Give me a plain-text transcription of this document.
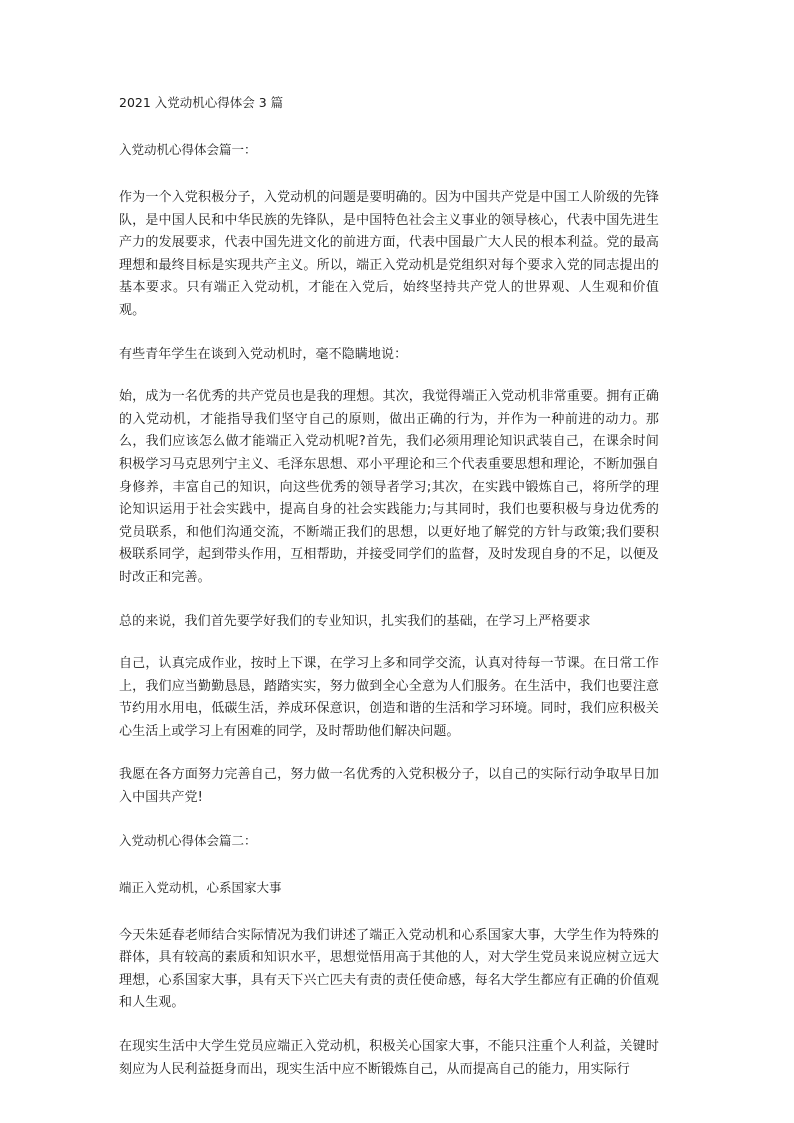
2021 入党动机心得体会 3 篇
入党动机心得体会篇一：

作为一个入党积极分子，入党动机的问题是要明确的。因为中国共产党是中国工人阶级的先锋队，是中国人民和中华民族的先锋队，是中国特色社会主义事业的领导核心，代表中国先进生产力的发展要求，代表中国先进文化的前进方面，代表中国最广大人民的根本利益。党的最高理想和最终目标是实现共产主义。所以，端正入党动机是党组织对每个要求入党的同志提出的基本要求。只有端正入党动机，才能在入党后，始终坚持共产党人的世界观、人生观和价值观。

有些青年学生在谈到入党动机时，毫不隐瞒地说：

始，成为一名优秀的共产党员也是我的理想。其次，我觉得端正入党动机非常重要。拥有正确的入党动机，才能指导我们坚守自己的原则，做出正确的行为，并作为一种前进的动力。那么，我们应该怎么做才能端正入党动机呢?首先，我们必须用理论知识武装自己，在课余时间积极学习马克思列宁主义、毛泽东思想、邓小平理论和三个代表重要思想和理论，不断加强自身修养，丰富自己的知识，向这些优秀的领导者学习;其次，在实践中锻炼自己，将所学的理论知识运用于社会实践中，提高自身的社会实践能力;与其同时，我们也要积极与身边优秀的党员联系，和他们沟通交流，不断端正我们的思想，以更好地了解党的方针与政策;我们要积极联系同学，起到带头作用，互相帮助，并接受同学们的监督，及时发现自身的不足，以便及时改正和完善。

总的来说，我们首先要学好我们的专业知识，扎实我们的基础，在学习上严格要求

自己，认真完成作业，按时上下课，在学习上多和同学交流，认真对待每一节课。在日常工作上，我们应当勤勤恳恳，踏踏实实，努力做到全心全意为人们服务。在生活中，我们也要注意节约用水用电，低碳生活，养成环保意识，创造和谐的生活和学习环境。同时，我们应积极关心生活上或学习上有困难的同学，及时帮助他们解决问题。

我愿在各方面努力完善自己，努力做一名优秀的入党积极分子，以自己的实际行动争取早日加入中国共产党!

入党动机心得体会篇二：
端正入党动机，心系国家大事

今天朱延春老师结合实际情况为我们讲述了端正入党动机和心系国家大事，大学生作为特殊的群体，具有较高的素质和知识水平，思想觉悟用高于其他的人，对大学生党员来说应树立远大理想，心系国家大事，具有天下兴亡匹夫有责的责任使命感，每名大学生都应有正确的价值观和人生观。

在现实生活中大学生党员应端正入党动机，积极关心国家大事，不能只注重个人利益，关键时刻应为人民利益挺身而出，现实生活中应不断锻炼自己，从而提高自己的能力，用实际行
